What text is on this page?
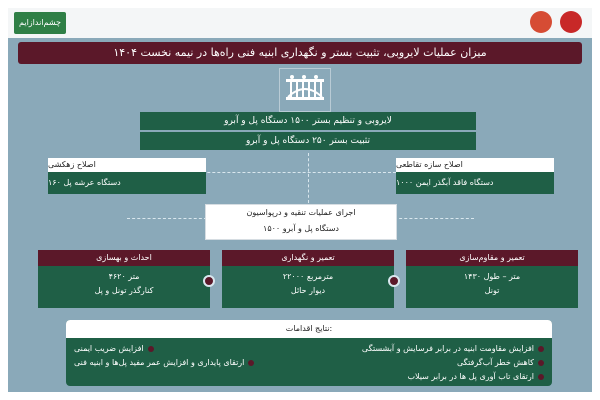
چشم‌اندازایم
میزان عملیات لایروبی، تثبیت بستر و نگهداری ابنیه فنی راه‌ها در نیمه نخست ۱۴۰۴
لایروبی و تنظیم بستر ۱۵۰۰ دستگاه پل و آبرو
تثبیت بستر ۲۵۰ دستگاه پل و آبرو
اصلاح سازه تقاطعی
۱۰۰۰ دستگاه فاقد آبگذر ایمن
اصلاح زهکشی
۱۶۰ دستگاه عرشه پل
اجرای عملیات تنقیه و درپواسیون
۱۵۰۰ دستگاه پل و آبرو
تعمیر و مقاوم‌سازی
۱۴۳۰ متر – طول
تونل
تعمیر و نگهداری
۲۲۰۰۰ مترمربع
دیوار حائل
احداث و بهسازی
۴۶۲۰ متر
کنارگذر تونل و پل
نتایج اقدامات:
افزایش مقاومت ابنیه در برابر فرسایش و آبشستگی
افزایش ضریب ایمنی
کاهش خطر آب‌گرفتگی
ارتقای پایداری و افزایش عمر مفید پل‌ها و ابنیه فنی
ارتقای تاب آوری پل ها در برابر سیلاب
